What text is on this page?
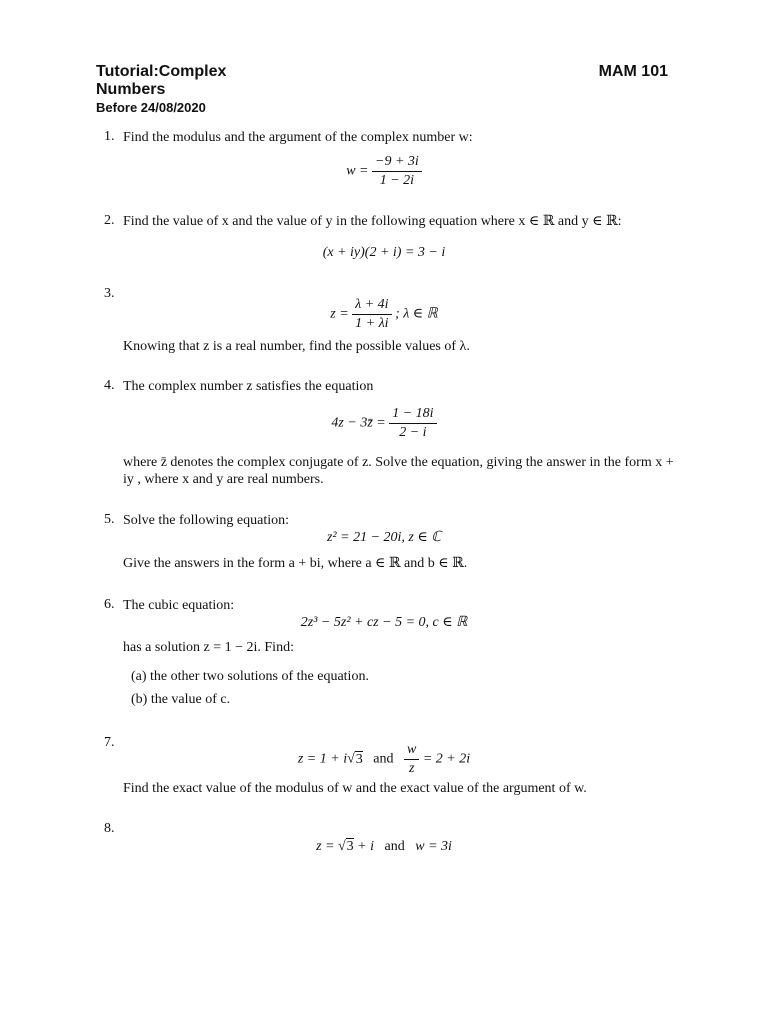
Tutorial:Complex
Numbers
MAM 101
Before 24/08/2020
1. Find the modulus and the argument of the complex number w:
$w = \frac{-9 + 3i}{1 - 2i}$
2. Find the value of x and the value of y in the following equation where x ∈ ℝ and y ∈ ℝ:
(x + iy)(2 + i) = 3 − i
3.
$z = \frac{\lambda + 4i}{1 + \lambda i}$ ; λ ∈ ℝ
Knowing that z is a real number, find the possible values of λ.
4. The complex number z satisfies the equation
4z − 3z̄ = $\frac{1 - 18i}{2 - i}$
where z̄ denotes the complex conjugate of z. Solve the equation, giving the answer in the form x + iy , where x and y are real numbers.
5. Solve the following equation:
z² = 21 − 20i, z ∈ ℂ
Give the answers in the form a + bi, where a ∈ ℝ and b ∈ ℝ.
6. The cubic equation:
2z³ − 5z² + cz − 5 = 0, c ∈ ℝ
has a solution z = 1 − 2i. Find:
(a) the other two solutions of the equation.
(b) the value of c.
7.
z = 1 + i√3 and $\frac{w}{z} = 2 + 2i$
Find the exact value of the modulus of w and the exact value of the argument of w.
8.
z = √3 + i and w = 3i
